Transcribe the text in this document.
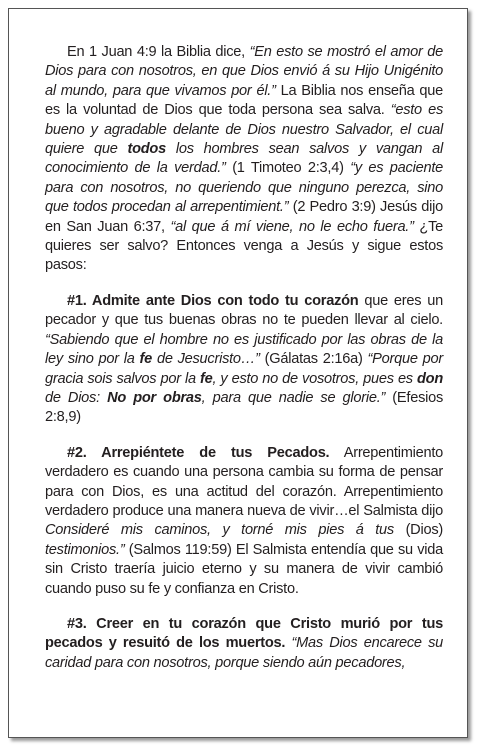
En 1 Juan 4:9 la Biblia dice, “En esto se mostró el amor de Dios para con nosotros, en que Dios envió á su Hijo Unigénito al mundo, para que vivamos por él.” La Biblia nos enseña que es la voluntad de Dios que toda persona sea salva. “esto es bueno y agradable delante de Dios nuestro Salvador, el cual quiere que todos los hombres sean salvos y vangan al conocimiento de la verdad.” (1 Timoteo 2:3,4) “y es paciente para con nosotros, no queriendo que ninguno perezca, sino que todos procedan al arrepentimient.” (2 Pedro 3:9) Jesús dijo en San Juan 6:37, “al que á mí viene, no le echo fuera.” ¿Te quieres ser salvo? Entonces venga a Jesús y sigue estos pasos:

#1. Admite ante Dios con todo tu corazón que eres un pecador y que tus buenas obras no te pueden llevar al cielo. “Sabiendo que el hombre no es justificado por las obras de la ley sino por la fe de Jesucristo…” (Gálatas 2:16a) “Porque por gracia sois salvos por la fe, y esto no de vosotros, pues es don de Dios: No por obras, para que nadie se glorie.” (Efesios 2:8,9)

#2. Arrepiéntete de tus Pecados. Arrepentimiento verdadero es cuando una persona cambia su forma de pensar para con Dios, es una actitud del corazón. Arrepentimiento verdadero produce una manera nueva de vivir…el Salmista dijo Consideré mis caminos, y torné mis pies á tus (Dios) testimonios.” (Salmos 119:59) El Salmista entendía que su vida sin Cristo traería juicio eterno y su manera de vivir cambió cuando puso su fe y confianza en Cristo.

#3. Creer en tu corazón que Cristo murió por tus pecados y resuitó de los muertos. “Mas Dios encarece su caridad para con nosotros, porque siendo aún pecadores,
